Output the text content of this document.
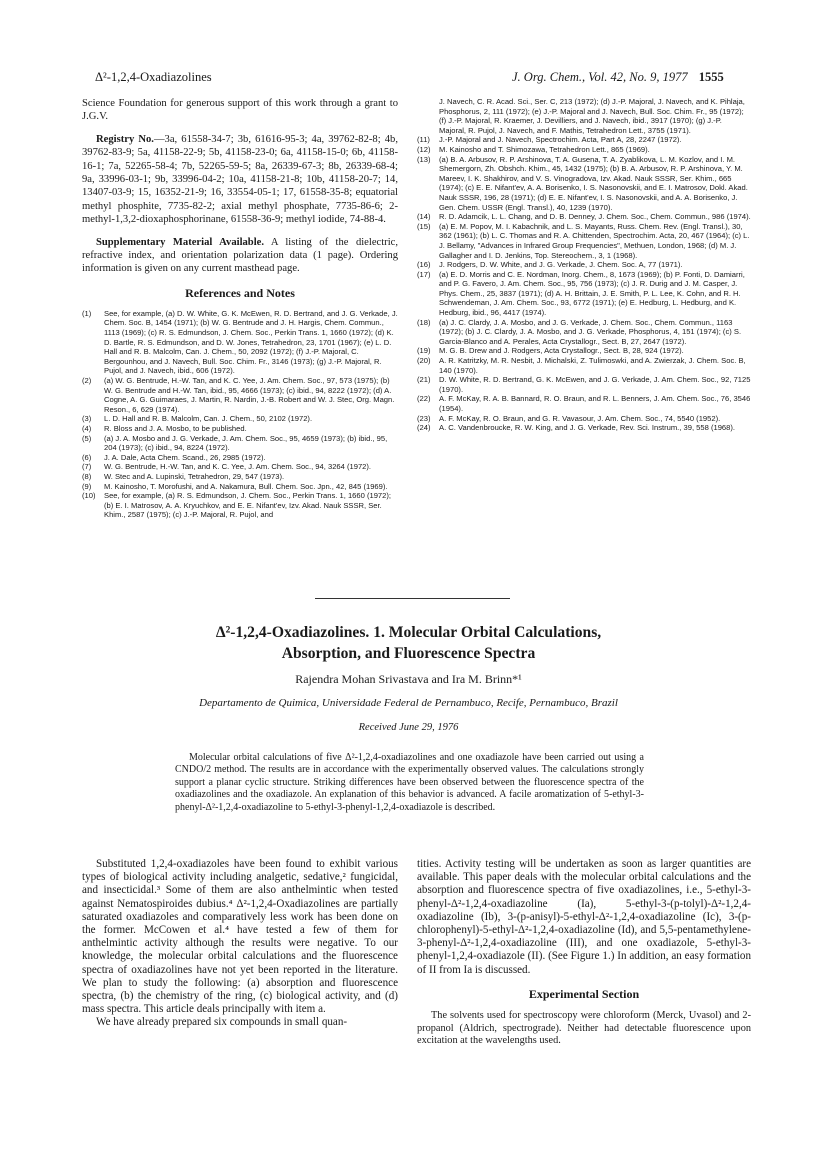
Δ²-1,2,4-Oxadiazolines	J. Org. Chem., Vol. 42, No. 9, 1977 1555

Science Foundation for generous support of this work through a grant to J.G.V.

Registry No.—3a, 61558-34-7; 3b, 61616-95-3; 4a, 39762-82-8; 4b, 39762-83-9; 5a, 41158-22-9; 5b, 41158-23-0; 6a, 41158-15-0; 6b, 41158-16-1; 7a, 52265-58-4; 7b, 52265-59-5; 8a, 26339-67-3; 8b, 26339-68-4; 9a, 33996-03-1; 9b, 33996-04-2; 10a, 41158-21-8; 10b, 41158-20-7; 14, 13407-03-9; 15, 16352-21-9; 16, 33554-05-1; 17, 61558-35-8; equatorial methyl phosphite, 7735-82-2; axial methyl phosphate, 7735-86-6; 2-methyl-1,3,2-dioxaphosphorinane, 61558-36-9; methyl iodide, 74-88-4.

Supplementary Material Available. A listing of the dielectric, refractive index, and orientation polarization data (1 page). Ordering information is given on any current masthead page.

References and Notes
(1)	See, for example, (a) D. W. White, G. K. McEwen, R. D. Bertrand, and J. G. Verkade, J. Chem. Soc. B, 1454 (1971); (b) W. G. Bentrude and J. H. Hargis, Chem. Commun., 1113 (1969); (c) R. S. Edmundson, J. Chem. Soc., Perkin Trans. 1, 1660 (1972); (d) K. D. Bartle, R. S. Edmundson, and D. W. Jones, Tetrahedron, 23, 1701 (1967); (e) L. D. Hall and R. B. Malcolm, Can. J. Chem., 50, 2092 (1972); (f) J.-P. Majoral, C. Bergounhou, and J. Navech, Bull. Soc. Chim. Fr., 3146 (1973); (g) J.-P. Majoral, R. Pujol, and J. Navech, ibid., 606 (1972).
(2)	(a) W. G. Bentrude, H.-W. Tan, and K. C. Yee, J. Am. Chem. Soc., 97, 573 (1975); (b) W. G. Bentrude and H.-W. Tan, ibid., 95, 4666 (1973); (c) ibid., 94, 8222 (1972); (d) A. Cogne, A. G. Guimaraes, J. Martin, R. Nardin, J.-B. Robert and W. J. Stec, Org. Magn. Reson., 6, 629 (1974).
(3)	L. D. Hall and R. B. Malcolm, Can. J. Chem., 50, 2102 (1972).
(4)	R. Bloss and J. A. Mosbo, to be published.
(5)	(a) J. A. Mosbo and J. G. Verkade, J. Am. Chem. Soc., 95, 4659 (1973); (b) ibid., 95, 204 (1973); (c) ibid., 94, 8224 (1972).
(6)	J. A. Dale, Acta Chem. Scand., 26, 2985 (1972).
(7)	W. G. Bentrude, H.-W. Tan, and K. C. Yee, J. Am. Chem. Soc., 94, 3264 (1972).
(8)	W. Stec and A. Lupinski, Tetrahedron, 29, 547 (1973).
(9)	M. Kainosho, T. Morofushi, and A. Nakamura, Bull. Chem. Soc. Jpn., 42, 845 (1969).
(10)	See, for example, (a) R. S. Edmundson, J. Chem. Soc., Perkin Trans. 1, 1660 (1972); (b) E. I. Matrosov, A. A. Kryuchkov, and E. E. Nifant'ev, Izv. Akad. Nauk SSSR, Ser. Khim., 2587 (1975); (c) J.-P. Majoral, R. Pujol, and
J. Navech, C. R. Acad. Sci., Ser. C, 213 (1972); (d) J.-P. Majoral, J. Navech, and K. Pihlaja, Phosphorus, 2, 111 (1972); (e) J.-P. Majoral and J. Navech, Bull. Soc. Chim. Fr., 95 (1972); (f) J.-P. Majoral, R. Kraemer, J. Devilliers, and J. Navech, ibid., 3917 (1970); (g) J.-P. Majoral, R. Pujol, J. Navech, and F. Mathis, Tetrahedron Lett., 3755 (1971).
(11)	J.-P. Majoral and J. Navech, Spectrochim. Acta, Part A, 28, 2247 (1972).
(12)	M. Kainosho and T. Shimozawa, Tetrahedron Lett., 865 (1969).
(13)	(a) B. A. Arbusov, R. P. Arshinova, T. A. Gusena, T. A. Zyablikova, L. M. Kozlov, and I. M. Shemergorn, Zh. Obshch. Khim., 45, 1432 (1975); (b) B. A. Arbusov, R. P. Arshinova, Y. M. Mareev, I. K. Shakhirov, and V. S. Vinogradova, Izv. Akad. Nauk SSSR, Ser. Khim., 665 (1974); (c) E. E. Nifant'ev, A. A. Borisenko, I. S. Nasonovskii, and E. I. Matrosov, Dokl. Akad. Nauk SSSR, 196, 28 (1971); (d) E. E. Nifant'ev, I. S. Nasonovskii, and A. A. Borisenko, J. Gen. Chem. USSR (Engl. Transl.), 40, 1239 (1970).
(14)	R. D. Adamcik, L. L. Chang, and D. B. Denney, J. Chem. Soc., Chem. Commun., 986 (1974).
(15)	(a) E. M. Popov, M. I. Kabachnik, and L. S. Mayants, Russ. Chem. Rev. (Engl. Transl.), 30, 362 (1961); (b) L. C. Thomas and R. A. Chittenden, Spectrochim. Acta, 20, 467 (1964); (c) L. J. Bellamy, "Advances in Infrared Group Frequencies", Methuen, London, 1968; (d) M. J. Gallagher and I. D. Jenkins, Top. Stereochem., 3, 1 (1968).
(16)	J. Rodgers, D. W. White, and J. G. Verkade, J. Chem. Soc. A, 77 (1971).
(17)	(a) E. D. Morris and C. E. Nordman, Inorg. Chem., 8, 1673 (1969); (b) P. Fonti, D. Damiarri, and P. G. Favero, J. Am. Chem. Soc., 95, 756 (1973); (c) J. R. Durig and J. M. Casper, J. Phys. Chem., 25, 3837 (1971); (d) A. H. Brittain, J. E. Smith, P. L. Lee, K. Cohn, and R. H. Schwendeman, J. Am. Chem. Soc., 93, 6772 (1971); (e) E. Hedburg, L. Hedburg, and K. Hedburg, ibid., 96, 4417 (1974).
(18)	(a) J. C. Clardy, J. A. Mosbo, and J. G. Verkade, J. Chem. Soc., Chem. Commun., 1163 (1972); (b) J. C. Clardy, J. A. Mosbo, and J. G. Verkade, Phosphorus, 4, 151 (1974); (c) S. Garcia-Blanco and A. Perales, Acta Crystallogr., Sect. B, 27, 2647 (1972).
(19)	M. G. B. Drew and J. Rodgers, Acta Crystallogr., Sect. B, 28, 924 (1972).
(20)	A. R. Katritzky, M. R. Nesbit, J. Michalski, Z. Tulimoswki, and A. Zwierzak, J. Chem. Soc. B, 140 (1970).
(21)	D. W. White, R. D. Bertrand, G. K. McEwen, and J. G. Verkade, J. Am. Chem. Soc., 92, 7125 (1970).
(22)	A. F. McKay, R. A. B. Bannard, R. O. Braun, and R. L. Benners, J. Am. Chem. Soc., 76, 3546 (1954).
(23)	A. F. McKay, R. O. Braun, and G. R. Vavasour, J. Am. Chem. Soc., 74, 5540 (1952).
(24)	A. C. Vandenbroucke, R. W. King, and J. G. Verkade, Rev. Sci. Instrum., 39, 558 (1968).
Δ²-1,2,4-Oxadiazolines. 1. Molecular Orbital Calculations,
Absorption, and Fluorescence Spectra
Rajendra Mohan Srivastava and Ira M. Brinn*¹
Departamento de Quimica, Universidade Federal de Pernambuco, Recife, Pernambuco, Brazil
Received June 29, 1976
Molecular orbital calculations of five Δ²-1,2,4-oxadiazolines and one oxadiazole have been carried out using a CNDO/2 method. The results are in accordance with the experimentally observed values. The calculations strongly support a planar cyclic structure. Striking differences have been observed between the fluorescence spectra of the oxadiazolines and the oxadiazole. An explanation of this behavior is advanced. A facile aromatization of 5-ethyl-3-phenyl-Δ²-1,2,4-oxadiazoline to 5-ethyl-3-phenyl-1,2,4-oxadiazole is described.

Substituted 1,2,4-oxadiazoles have been found to exhibit various types of biological activity including analgetic, sedative,² fungicidal, and insecticidal.³ Some of them are also anthelmintic when tested against Nematospiroides dubius.⁴ Δ²-1,2,4-Oxadiazolines are partially saturated oxadiazoles and comparatively less work has been done on the former. McCowen et al.⁴ have tested a few of them for anthelmintic activity although the results were negative. To our knowledge, the molecular orbital calculations and the fluorescence spectra of oxadiazolines have not yet been reported in the literature. We plan to study the following: (a) absorption and fluorescence spectra, (b) the chemistry of the ring, (c) biological activity, and (d) mass spectra. This article deals principally with item a.

We have already prepared six compounds in small quan-

tities. Activity testing will be undertaken as soon as larger quantities are available. This paper deals with the molecular orbital calculations and the absorption and fluorescence spectra of five oxadiazolines, i.e., 5-ethyl-3-phenyl-Δ²-1,2,4-oxadiazoline (Ia), 5-ethyl-3-(p-tolyl)-Δ²-1,2,4-oxadiazoline (Ib), 3-(p-anisyl)-5-ethyl-Δ²-1,2,4-oxadiazoline (Ic), 3-(p-chlorophenyl)-5-ethyl-Δ²-1,2,4-oxadiazoline (Id), and 5,5-pentamethylene-3-phenyl-Δ²-1,2,4-oxadiazoline (III), and one oxadiazole, 5-ethyl-3-phenyl-1,2,4-oxadiazole (II). (See Figure 1.) In addition, an easy formation of II from Ia is discussed.

Experimental Section

The solvents used for spectroscopy were chloroform (Merck, Uvasol) and 2-propanol (Aldrich, spectrograde). Neither had detectable fluorescence upon excitation at the wavelengths used.
